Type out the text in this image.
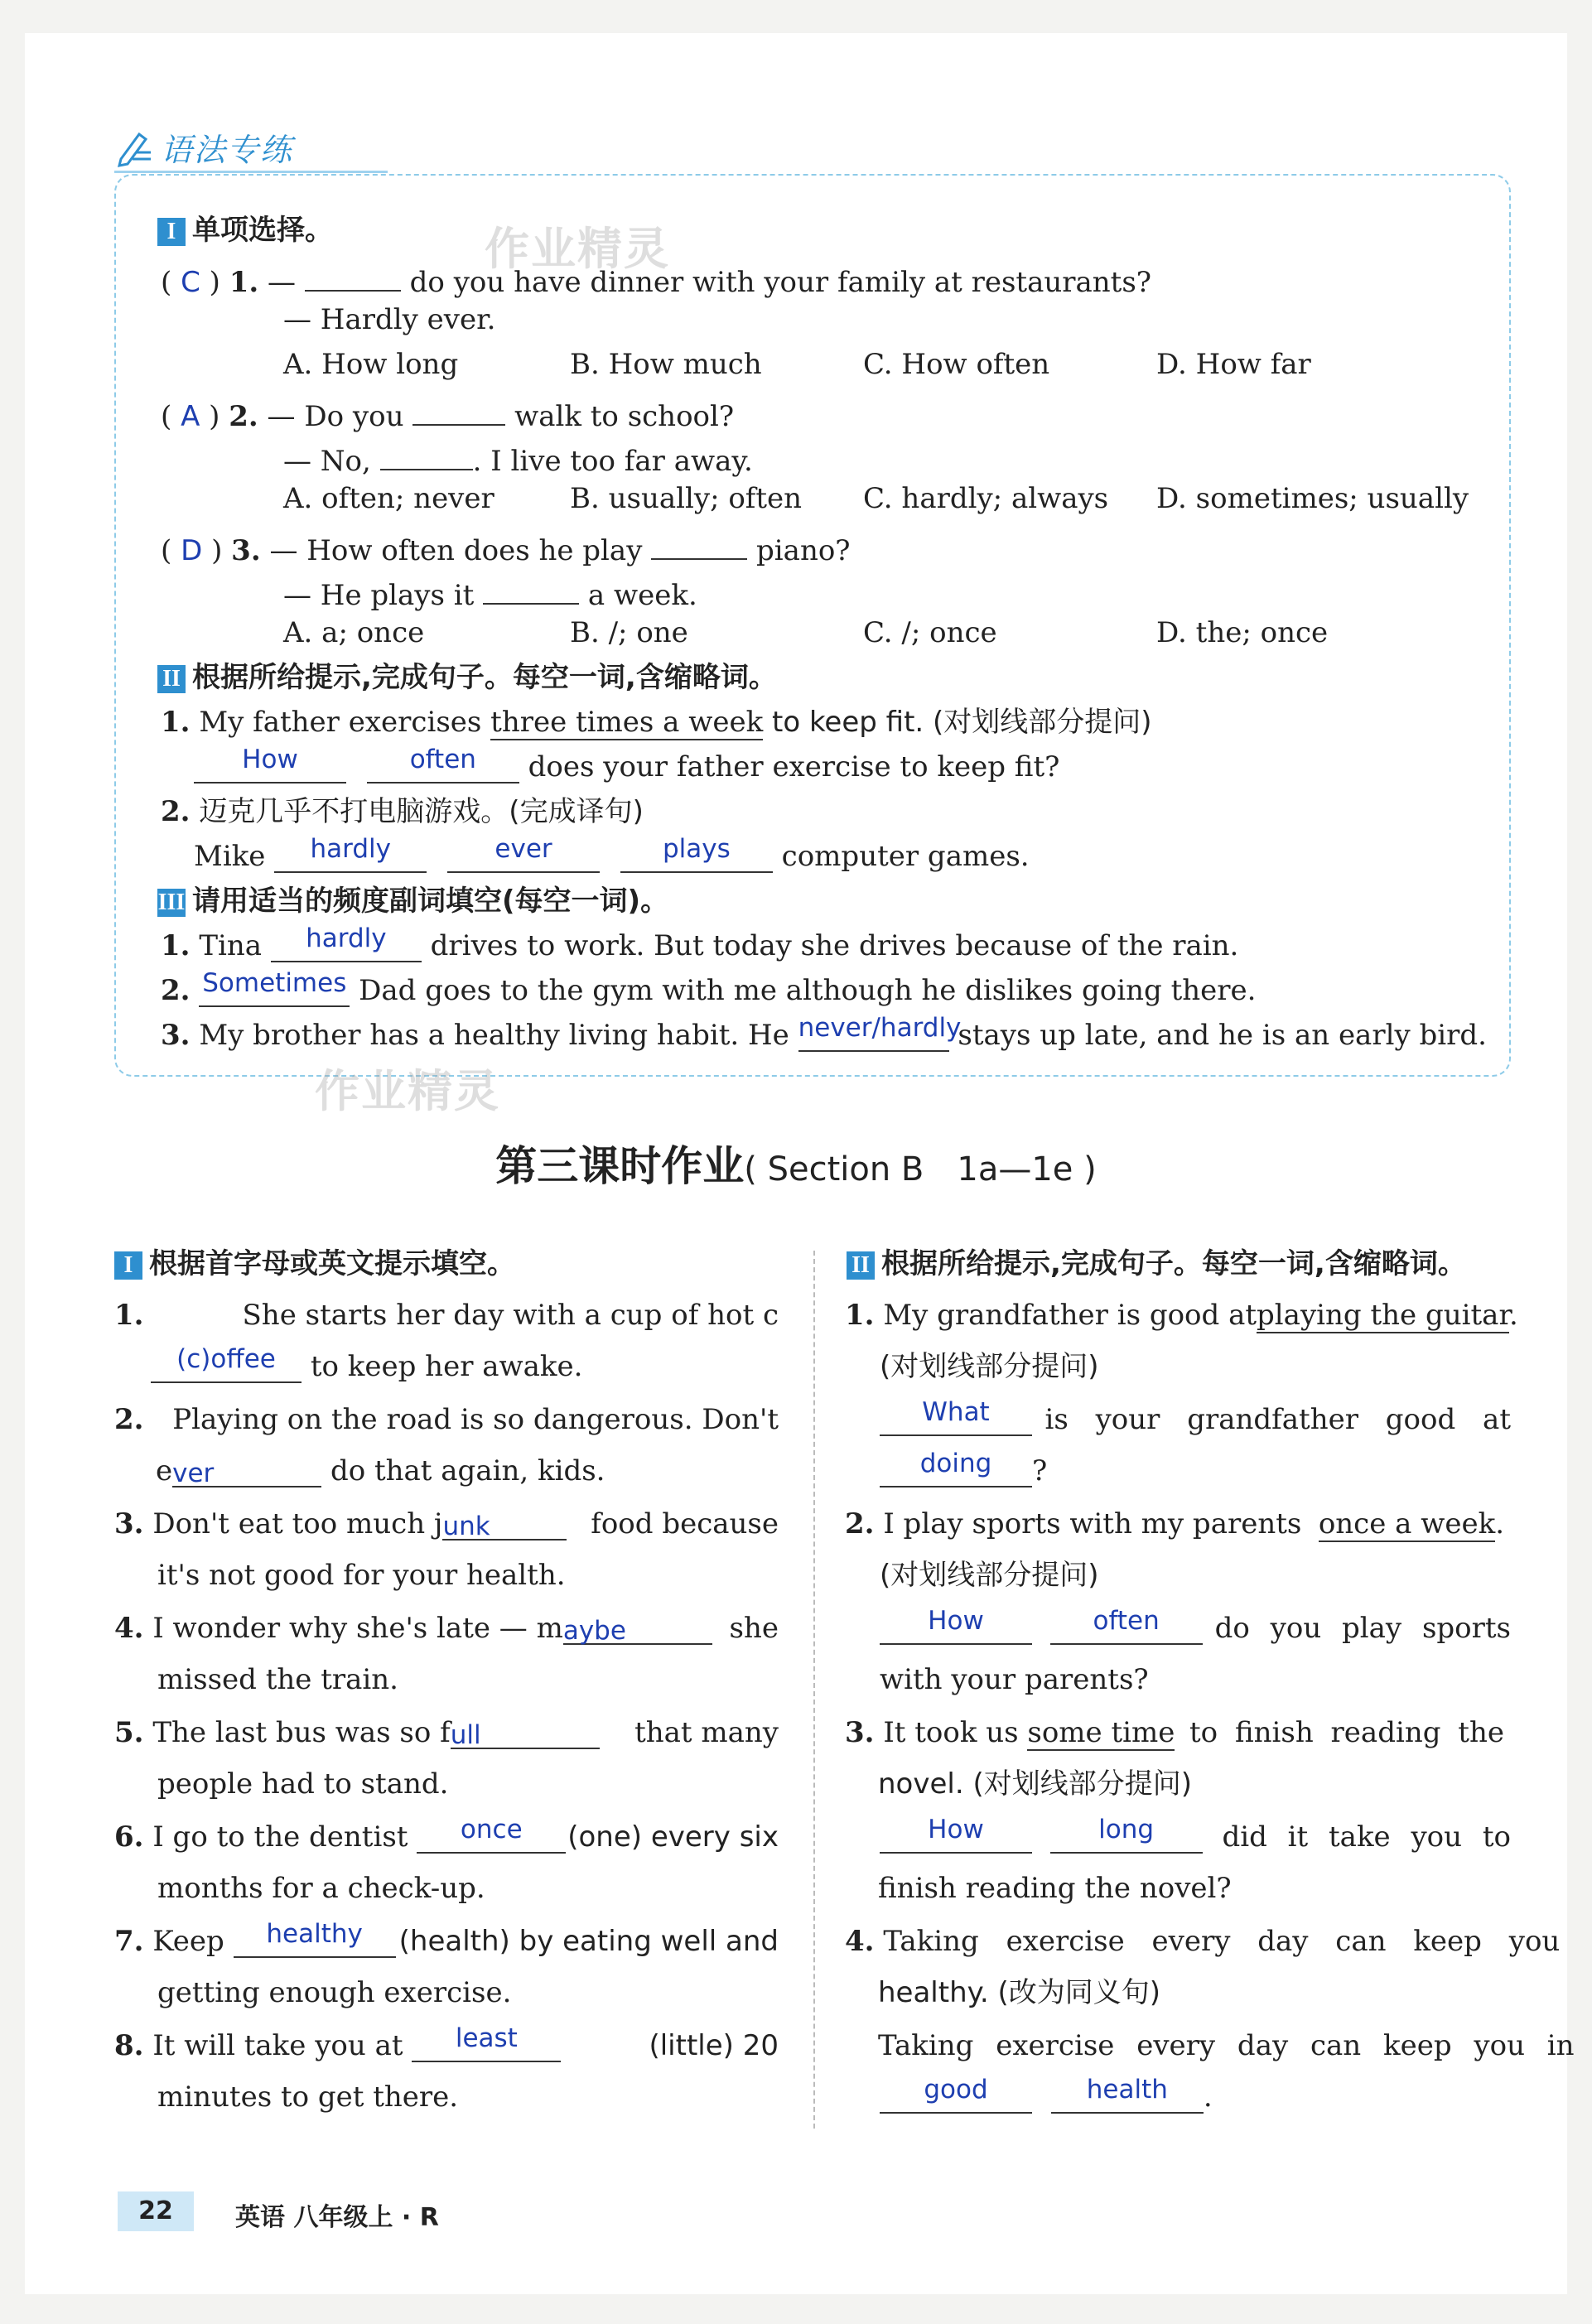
语法专练
作业精灵
作业精灵
I 单项选择。
( C ) 1. —	do you have dinner with your family at restaurants?
— Hardly ever.
A. How long	B. How much	C. How often	D. How far
( A ) 2. — Do you	walk to school?
— No,	. I live too far away.
A. often; never	B. usually; often C. hardly; always D. sometimes; usually
( D ) 3. — How often does he play	piano?
— He plays it	a week.
A. a; once	B. /; one	C. /; once	D. the; once
II 根据所给提示,完成句子。每空一词,含缩略词。
1. My father exercises three times a week to keep fit. (对划线部分提问)
How	often does your father exercise to keep fit?
2. 迈克几乎不打电脑游戏。(完成译句)
Mike hardly	ever	plays computer games.
III 请用适当的频度副词填空(每空一词)。
1. Tina hardly drives to work. But today she drives because of the rain.
2. Sometimes Dad goes to the gym with me although he dislikes going there.
3. My brother has a healthy living habit. He never/hardly stays up late, and he is an early bird.
第三课时作业( Section B　1a—1e )
I 根据首字母或英文提示填空。
1.	She starts her day with a cup of hot c
(c)offee to keep her awake.
2.	Playing on the road is so dangerous. Don't
ever	do that again, kids.
3. Don't eat too much junk	food because
it's not good for your health.
4. I wonder why she's late — maybe	she
missed the train.
5. The last bus was so full	that many
people had to stand.
6. I go to the dentist once	(one) every six
months for a check-up.
7. Keep healthy	(health) by eating well and
getting enough exercise.
8. It will take you at least	(little) 20
minutes to get there.
II 根据所给提示,完成句子。每空一词,含缩略词。
1. My grandfather is good at playing the guitar.
(对划线部分提问)
What	is your grandfather good at
doing ?
2. I play sports with my parents once a week.
(对划线部分提问)
How	often	do you play sports
with your parents?
3. It took us some time to finish reading the
novel. (对划线部分提问)
How	long	did it take you to
finish reading the novel?
4. Taking exercise every day can keep you
healthy. (改为同义句)
Taking exercise every day can keep you in
good	health .
22	英语 八年级上 · R
